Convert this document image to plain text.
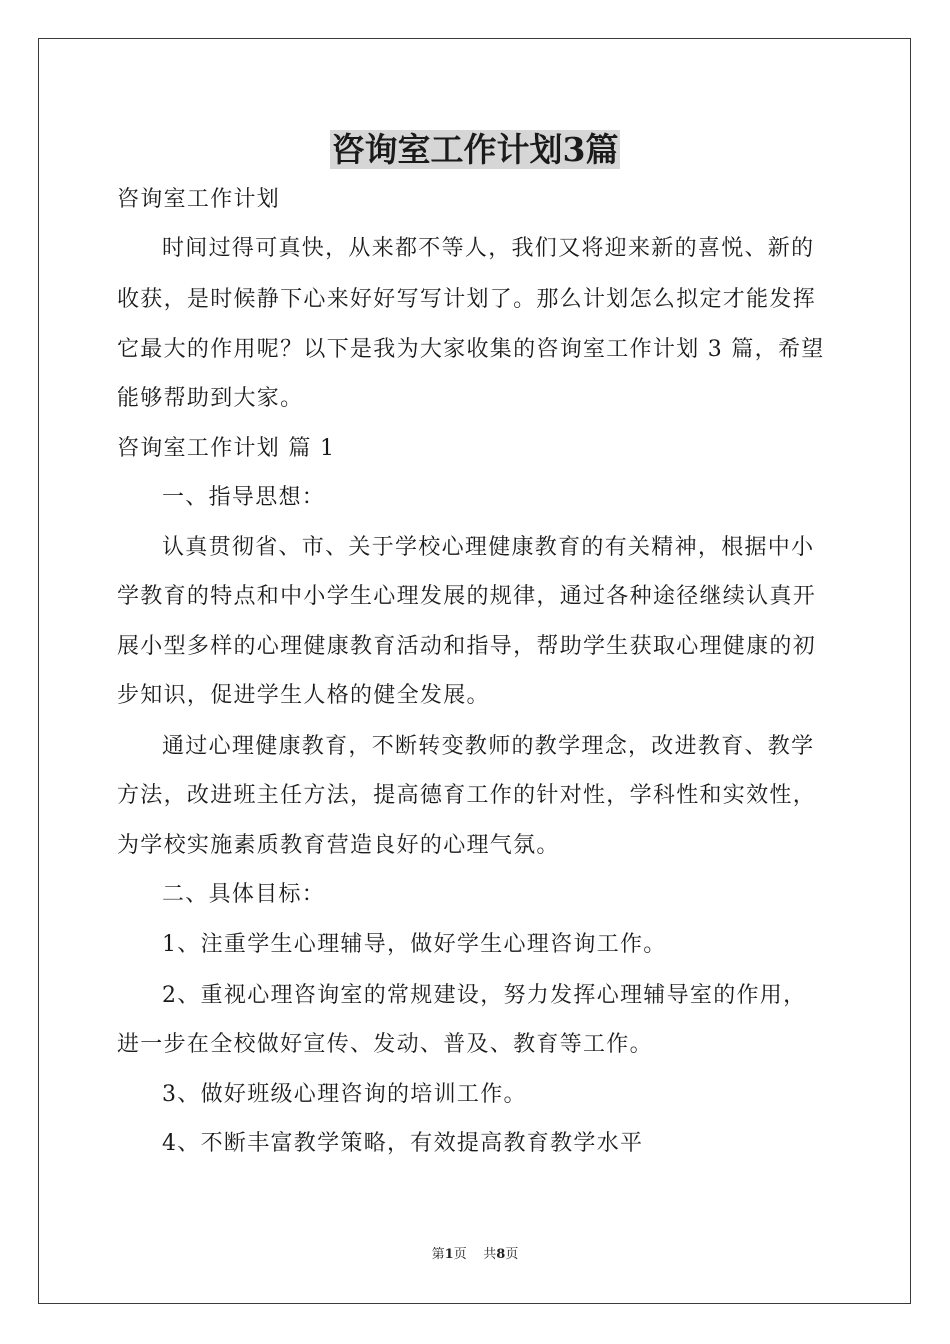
咨询室工作计划3篇
咨询室工作计划
时间过得可真快，从来都不等人，我们又将迎来新的喜悦、新的
收获，是时候静下心来好好写写计划了。那么计划怎么拟定才能发挥
它最大的作用呢？以下是我为大家收集的咨询室工作计划 3 篇，希望
能够帮助到大家。
咨询室工作计划 篇 1
一、指导思想：
认真贯彻省、市、关于学校心理健康教育的有关精神，根据中小
学教育的特点和中小学生心理发展的规律，通过各种途径继续认真开
展小型多样的心理健康教育活动和指导，帮助学生获取心理健康的初
步知识，促进学生人格的健全发展。
通过心理健康教育，不断转变教师的教学理念，改进教育、教学
方法，改进班主任方法，提高德育工作的针对性，学科性和实效性，
为学校实施素质教育营造良好的心理气氛。
二、具体目标：
1、注重学生心理辅导，做好学生心理咨询工作。
2、重视心理咨询室的常规建设，努力发挥心理辅导室的作用，
进一步在全校做好宣传、发动、普及、教育等工作。
3、做好班级心理咨询的培训工作。
4、不断丰富教学策略，有效提高教育教学水平
第1页 共8页
